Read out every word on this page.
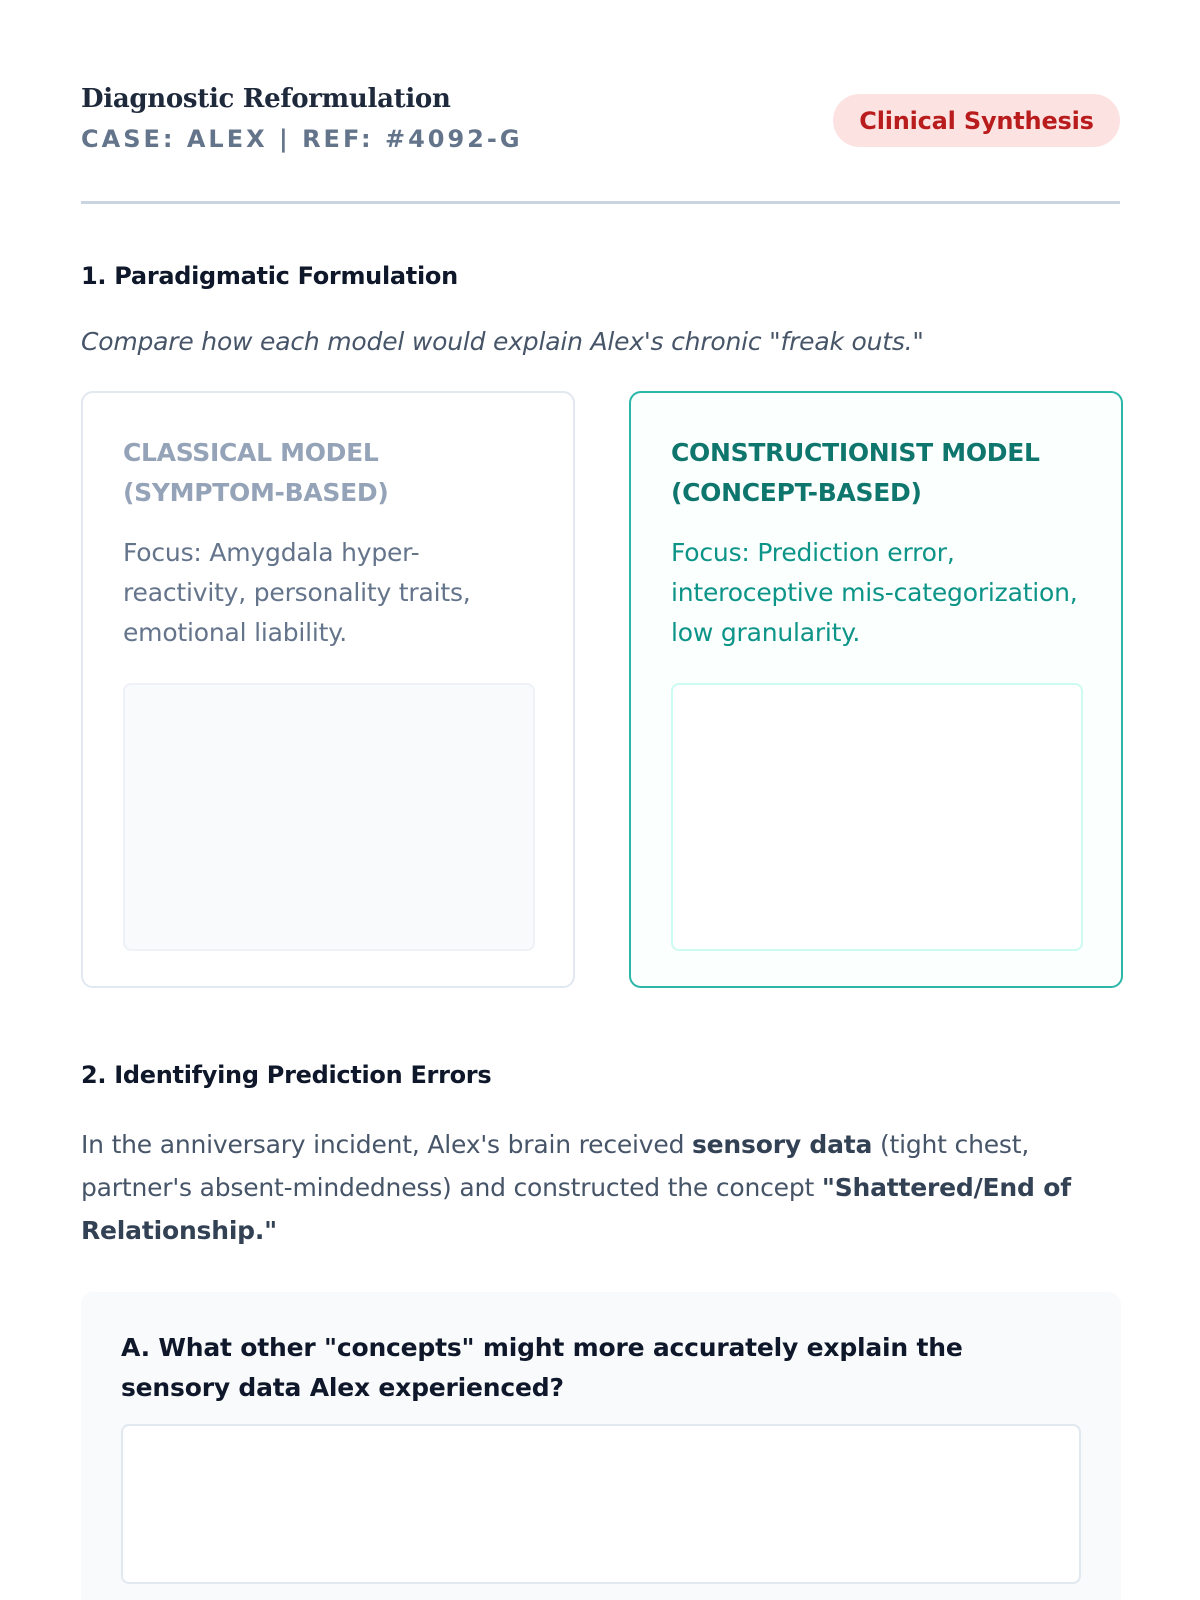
Diagnostic Reformulation
CASE: ALEX | REF: #4092-G
Clinical Synthesis
1. Paradigmatic Formulation
Compare how each model would explain Alex's chronic "freak outs."
CLASSICAL MODEL (SYMPTOM-BASED)
Focus: Amygdala hyper-reactivity, personality traits, emotional liability.
CONSTRUCTIONIST MODEL (CONCEPT-BASED)
Focus: Prediction error, interoceptive mis-categorization, low granularity.
2. Identifying Prediction Errors
In the anniversary incident, Alex's brain received sensory data (tight chest, partner's absent-mindedness) and constructed the concept "Shattered/End of Relationship."
A. What other "concepts" might more accurately explain the sensory data Alex experienced?
